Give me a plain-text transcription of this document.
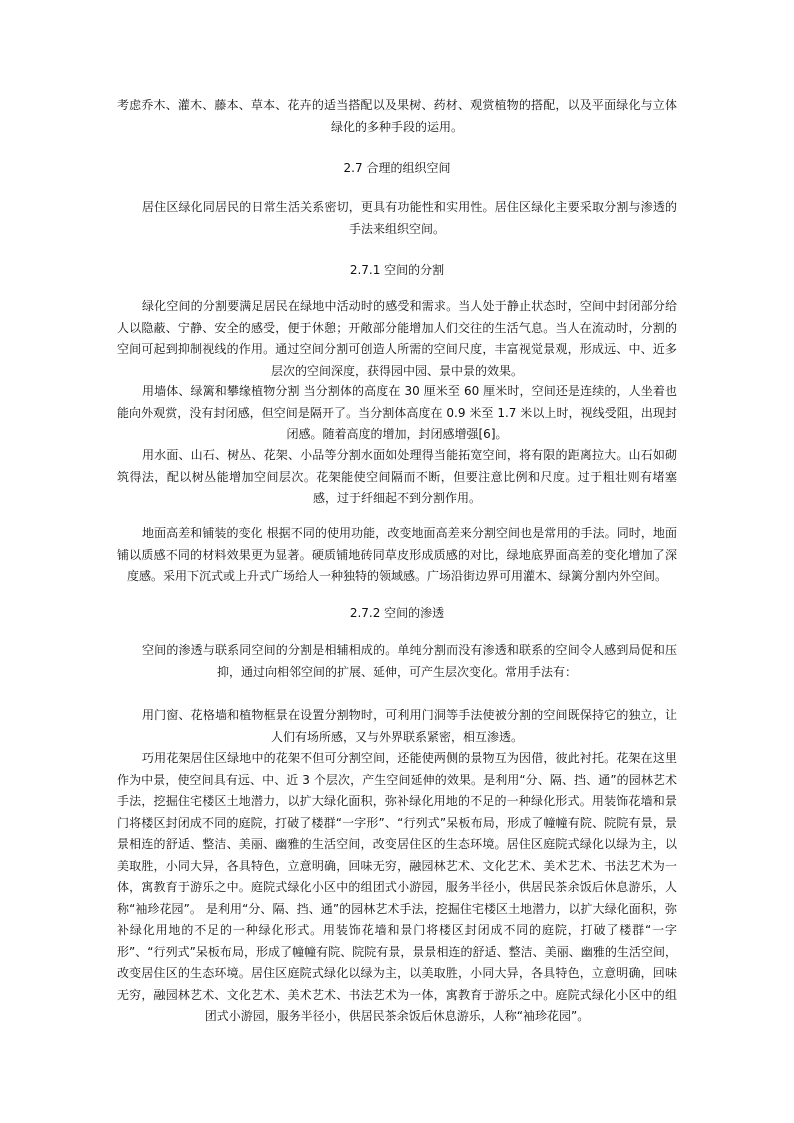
考虑乔木、灌木、藤本、草本、花卉的适当搭配以及果树、药材、观赏植物的搭配，以及平面绿化与立体绿化的多种手段的运用。
2.7 合理的组织空间
居住区绿化同居民的日常生活关系密切，更具有功能性和实用性。居住区绿化主要采取分割与渗透的手法来组织空间。
2.7.1 空间的分割
绿化空间的分割要满足居民在绿地中活动时的感受和需求。当人处于静止状态时，空间中封闭部分给人以隐蔽、宁静、安全的感受，便于休憩；开敞部分能增加人们交往的生活气息。当人在流动时，分割的空间可起到抑制视线的作用。通过空间分割可创造人所需的空间尺度，丰富视觉景观，形成远、中、近多层次的空间深度，获得园中园、景中景的效果。
用墙体、绿篱和攀缘植物分割 当分割体的高度在 30 厘米至 60 厘米时，空间还是连续的，人坐着也能向外观赏，没有封闭感，但空间是隔开了。当分割体高度在 0.9 米至 1.7 米以上时，视线受阻，出现封闭感。随着高度的增加，封闭感增强[6]。
用水面、山石、树丛、花架、小品等分割水面如处理得当能拓宽空间，将有限的距离拉大。山石如砌筑得法，配以树丛能增加空间层次。花架能使空间隔而不断，但要注意比例和尺度。过于粗壮则有堵塞感，过于纤细起不到分割作用。
地面高差和铺装的变化 根据不同的使用功能，改变地面高差来分割空间也是常用的手法。同时，地面铺以质感不同的材料效果更为显著。硬质铺地砖同草皮形成质感的对比，绿地底界面高差的变化增加了深度感。采用下沉式或上升式广场给人一种独特的领域感。广场沿街边界可用灌木、绿篱分割内外空间。
2.7.2 空间的渗透
空间的渗透与联系同空间的分割是相辅相成的。单纯分割而没有渗透和联系的空间令人感到局促和压抑，通过向相邻空间的扩展、延伸，可产生层次变化。常用手法有：
用门窗、花格墙和植物框景在设置分割物时，可利用门洞等手法使被分割的空间既保持它的独立，让人们有场所感，又与外界联系紧密，相互渗透。
巧用花架居住区绿地中的花架不但可分割空间，还能使两侧的景物互为因借，彼此衬托。花架在这里作为中景，使空间具有远、中、近 3 个层次，产生空间延伸的效果。是利用“分、隔、挡、通”的园林艺术手法，挖掘住宅楼区土地潜力，以扩大绿化面积，弥补绿化用地的不足的一种绿化形式。用装饰花墙和景门将楼区封闭成不同的庭院，打破了楼群“一字形”、“行列式”呆板布局，形成了幢幢有院、院院有景，景景相连的舒适、整洁、美丽、幽雅的生活空间，改变居住区的生态环境。居住区庭院式绿化以绿为主，以美取胜，小同大异，各具特色，立意明确，回味无穷，融园林艺术、文化艺术、美术艺术、书法艺术为一体，寓教育于游乐之中。庭院式绿化小区中的组团式小游园，服务半径小，供居民茶余饭后休息游乐，人称“袖珍花园”。 是利用“分、隔、挡、通”的园林艺术手法，挖掘住宅楼区土地潜力，以扩大绿化面积，弥补绿化用地的不足的一种绿化形式。用装饰花墙和景门将楼区封闭成不同的庭院，打破了楼群“一字形”、“行列式”呆板布局，形成了幢幢有院、院院有景，景景相连的舒适、整洁、美丽、幽雅的生活空间，改变居住区的生态环境。居住区庭院式绿化以绿为主，以美取胜，小同大异，各具特色，立意明确，回味无穷，融园林艺术、文化艺术、美术艺术、书法艺术为一体，寓教育于游乐之中。庭院式绿化小区中的组团式小游园，服务半径小，供居民茶余饭后休息游乐，人称“袖珍花园”。
